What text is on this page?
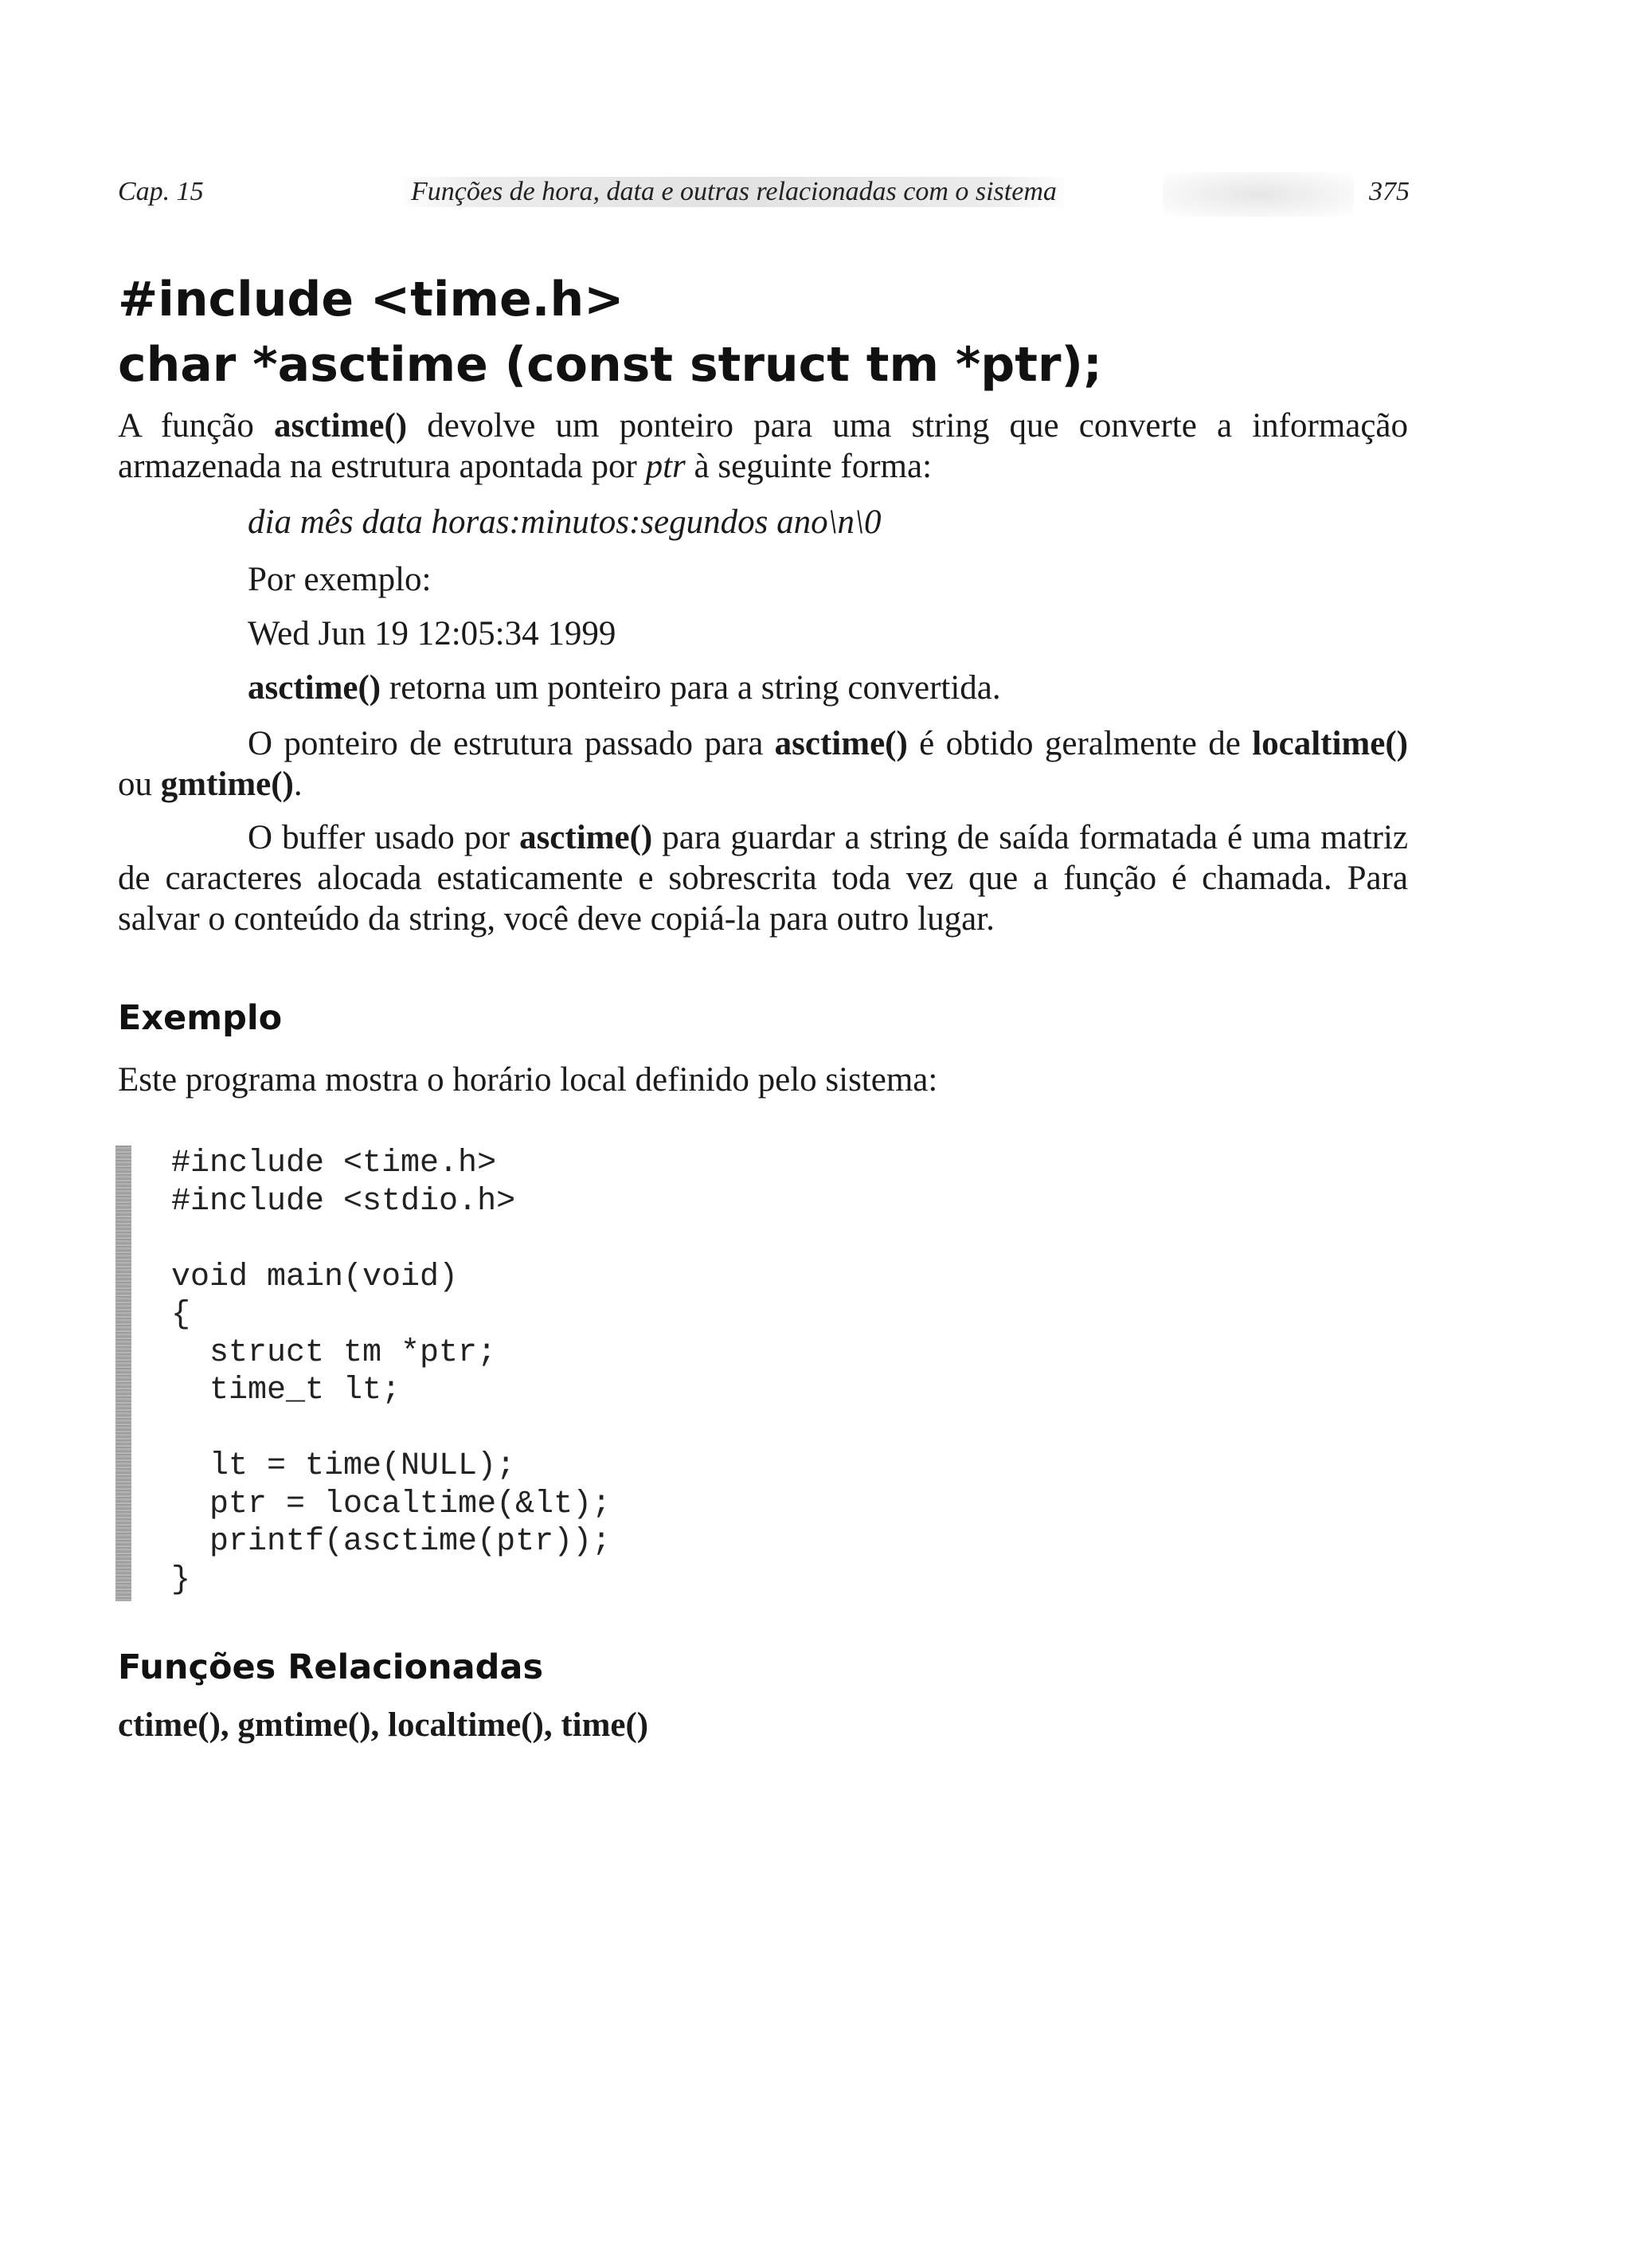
Cap. 15	Funções de hora, data e outras relacionadas com o sistema	375
#include <time.h>
char *asctime (const struct tm *ptr);
A função asctime() devolve um ponteiro para uma string que converte a informação armazenada na estrutura apontada por ptr à seguinte forma:
dia mês data horas:minutos:segundos ano\n\0
Por exemplo:
Wed Jun 19 12:05:34 1999
asctime() retorna um ponteiro para a string convertida.
O ponteiro de estrutura passado para asctime() é obtido geralmente de localtime() ou gmtime().
O buffer usado por asctime() para guardar a string de saída formatada é uma matriz de caracteres alocada estaticamente e sobrescrita toda vez que a função é chamada. Para salvar o conteúdo da string, você deve copiá-la para outro lugar.
Exemplo
Este programa mostra o horário local definido pelo sistema:
#include <time.h>
#include <stdio.h>
void main(void)
{
struct tm *ptr;
time_t lt;
lt = time(NULL);
ptr = localtime(&lt);
printf(asctime(ptr));
}
Funções Relacionadas
ctime(), gmtime(), localtime(), time()
